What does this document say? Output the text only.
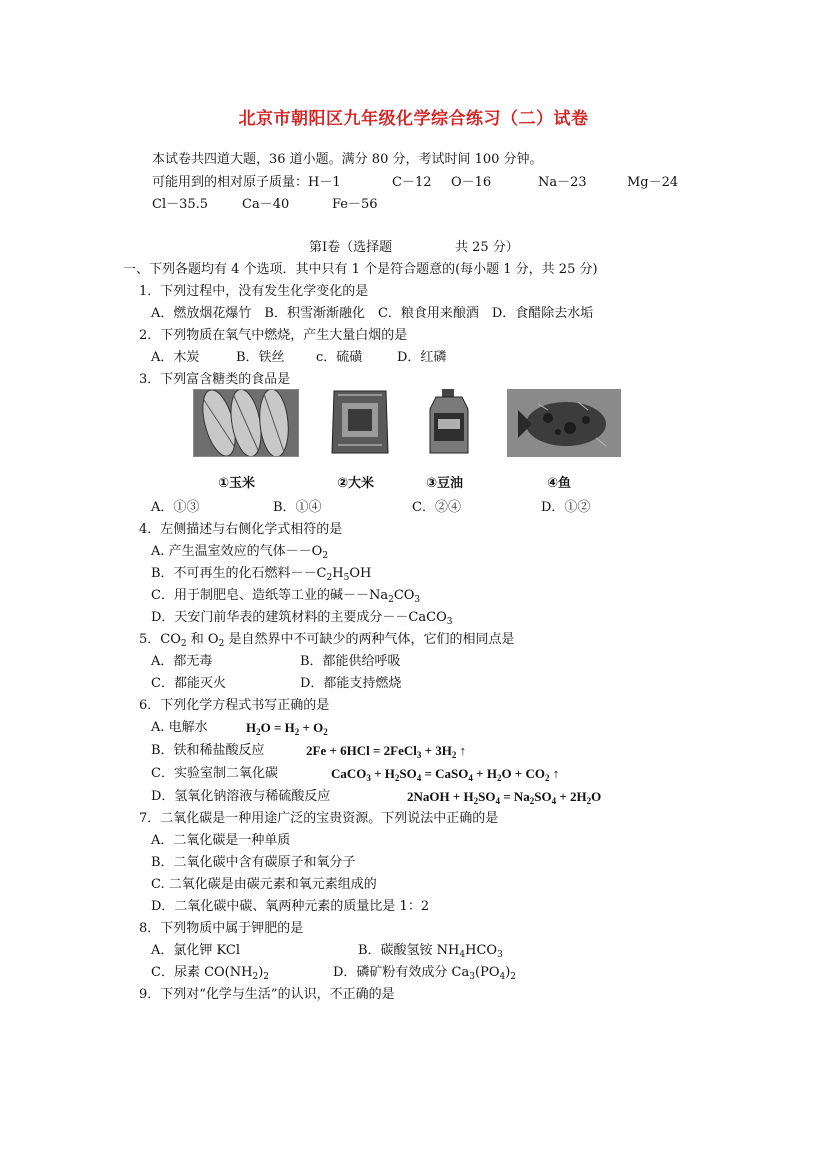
北京市朝阳区九年级化学综合练习（二）试卷
本试卷共四道大题，36 道小题。满分 80 分，考试时间 100 分钟。
可能用到的相对原子质量：H－1	C－12 O－16	Na－23	Mg－24
Cl－35.5	Ca－40	Fe－56
第Ⅰ卷（选择题	共 25 分）
一、下列各题均有 4 个选项．其中只有 1 个是符合题意的(每小题 1 分，共 25 分)
1．下列过程中，没有发生化学变化的是
A．燃放烟花爆竹　B．积雪渐渐融化　C．粮食用来酿酒　D．食醋除去水垢
2．下列物质在氧气中燃烧，产生大量白烟的是
A．木炭	B．铁丝 c．硫磺	D．红磷
3．下列富含糖类的食品是
①玉米	②大米	③豆油	④鱼
A．①③	B．①④	C．②④	D．①②
4．左侧描述与右侧化学式相符的是
A. 产生温室效应的气体$--O_2$
B．不可再生的化石燃料$--C_2H_5OH$
C．用于制肥皂、造纸等工业的碱$--Na_2CO_3$
D．天安门前华表的建筑材料的主要成分－－CaCO$_3$
5．$CO_2$ 和 $O_2$ 是自然界中不可缺少的两种气体，它们的相同点是
A．都无毒	B．都能供给呼吸
C．都能灭火	D．都能支持燃烧
6．下列化学方程式书写正确的是
A. 电解水	$H_2O = H_2 + O_2$
B．铁和稀盐酸反应	2Fe + 6HCl = 2FeCl$_3$ + $3H_2$ ↑
C．实验室制二氧化碳	CaCO$_3$ + $H_2SO_4$ = CaSO$_4$ + $H_2O + CO_2$ ↑
D．氢氧化钠溶液与稀硫酸反应	2NaOH + $H_2SO_4 = Na_2SO_4 + 2H_2O$
7．二氧化碳是一种用途广泛的宝贵资源。下列说法中正确的是
A．二氧化碳是一种单质
B．二氧化碳中含有碳原子和氧分子
C. 二氧化碳是由碳元素和氧元素组成的
D．二氧化碳中碳、氧两种元素的质量比是 1：2
8．下列物质中属于钾肥的是
A．氯化钾 KCl	B．碳酸氢铵 $NH_4HCO_3$
C．尿素 $CO(NH_2)_2$	D．磷矿粉有效成分 $Ca_3(PO_4)_2$
9．下列对“化学与生活”的认识，不正确的是
